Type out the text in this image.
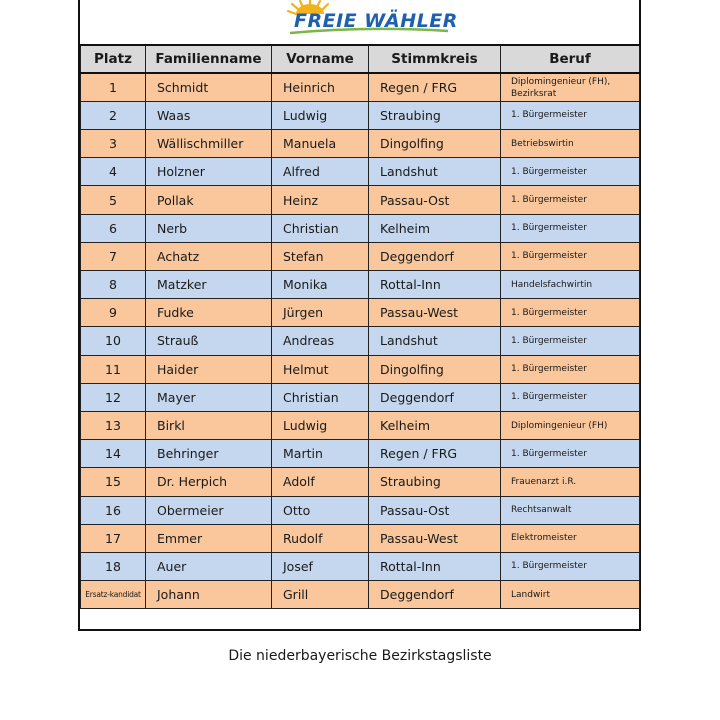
FREIE WÄHLER
Platz	Familienname	Vorname	Stimmkreis	Beruf
1	Schmidt	Heinrich	Regen / FRG	Diplomingenieur (FH), Bezirksrat
2	Waas	Ludwig	Straubing	1. Bürgermeister
3	Wällischmiller	Manuela	Dingolfing	Betriebswirtin
4	Holzner	Alfred	Landshut	1. Bürgermeister
5	Pollak	Heinz	Passau-Ost	1. Bürgermeister
6	Nerb	Christian	Kelheim	1. Bürgermeister
7	Achatz	Stefan	Deggendorf	1. Bürgermeister
8	Matzker	Monika	Rottal-Inn	Handelsfachwirtin
9	Fudke	Jürgen	Passau-West	1. Bürgermeister
10	Strauß	Andreas	Landshut	1. Bürgermeister
11	Haider	Helmut	Dingolfing	1. Bürgermeister
12	Mayer	Christian	Deggendorf	1. Bürgermeister
13	Birkl	Ludwig	Kelheim	Diplomingenieur (FH)
14	Behringer	Martin	Regen / FRG	1. Bürgermeister
15	Dr. Herpich	Adolf	Straubing	Frauenarzt i.R.
16	Obermeier	Otto	Passau-Ost	Rechtsanwalt
17	Emmer	Rudolf	Passau-West	Elektromeister
18	Auer	Josef	Rottal-Inn	1. Bürgermeister
Ersatz-kandidat	Johann	Grill	Deggendorf	Landwirt
Die niederbayerische Bezirkstagsliste
